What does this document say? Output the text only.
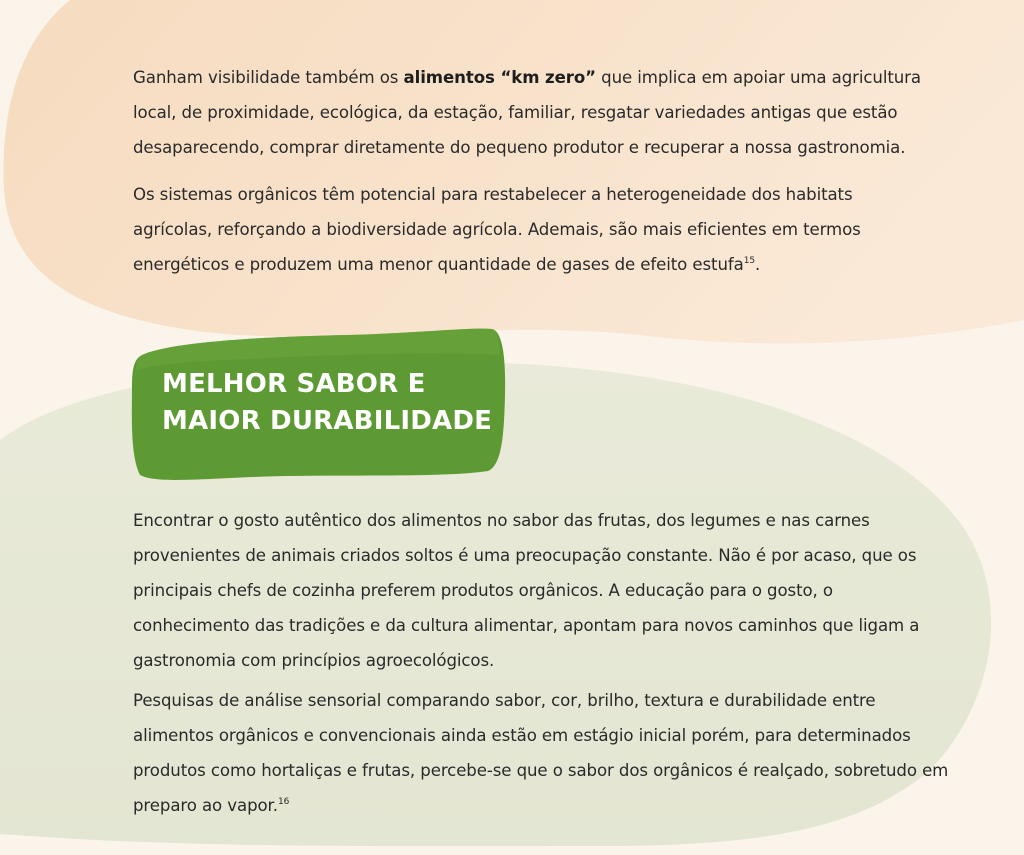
Ganham visibilidade também os alimentos “km zero” que implica em apoiar uma agricultura local, de proximidade, ecológica, da estação, familiar, resgatar variedades antigas que estão desaparecendo, comprar diretamente do pequeno produtor e recuperar a nossa gastronomia.

Os sistemas orgânicos têm potencial para restabelecer a heterogeneidade dos habitats agrícolas, reforçando a biodiversidade agrícola. Ademais, são mais eficientes em termos energéticos e produzem uma menor quantidade de gases de efeito estufa$^{15}$.

MELHOR SABOR E
MAIOR DURABILIDADE

Encontrar o gosto autêntico dos alimentos no sabor das frutas, dos legumes e nas carnes provenientes de animais criados soltos é uma preocupação constante. Não é por acaso, que os principais chefs de cozinha preferem produtos orgânicos. A educação para o gosto, o conhecimento das tradições e da cultura alimentar, apontam para novos caminhos que ligam a gastronomia com princípios agroecológicos.

Pesquisas de análise sensorial comparando sabor, cor, brilho, textura e durabilidade entre alimentos orgânicos e convencionais ainda estão em estágio inicial porém, para determinados produtos como hortaliças e frutas, percebe-se que o sabor dos orgânicos é realçado, sobretudo em preparo ao vapor.$^{16}$
